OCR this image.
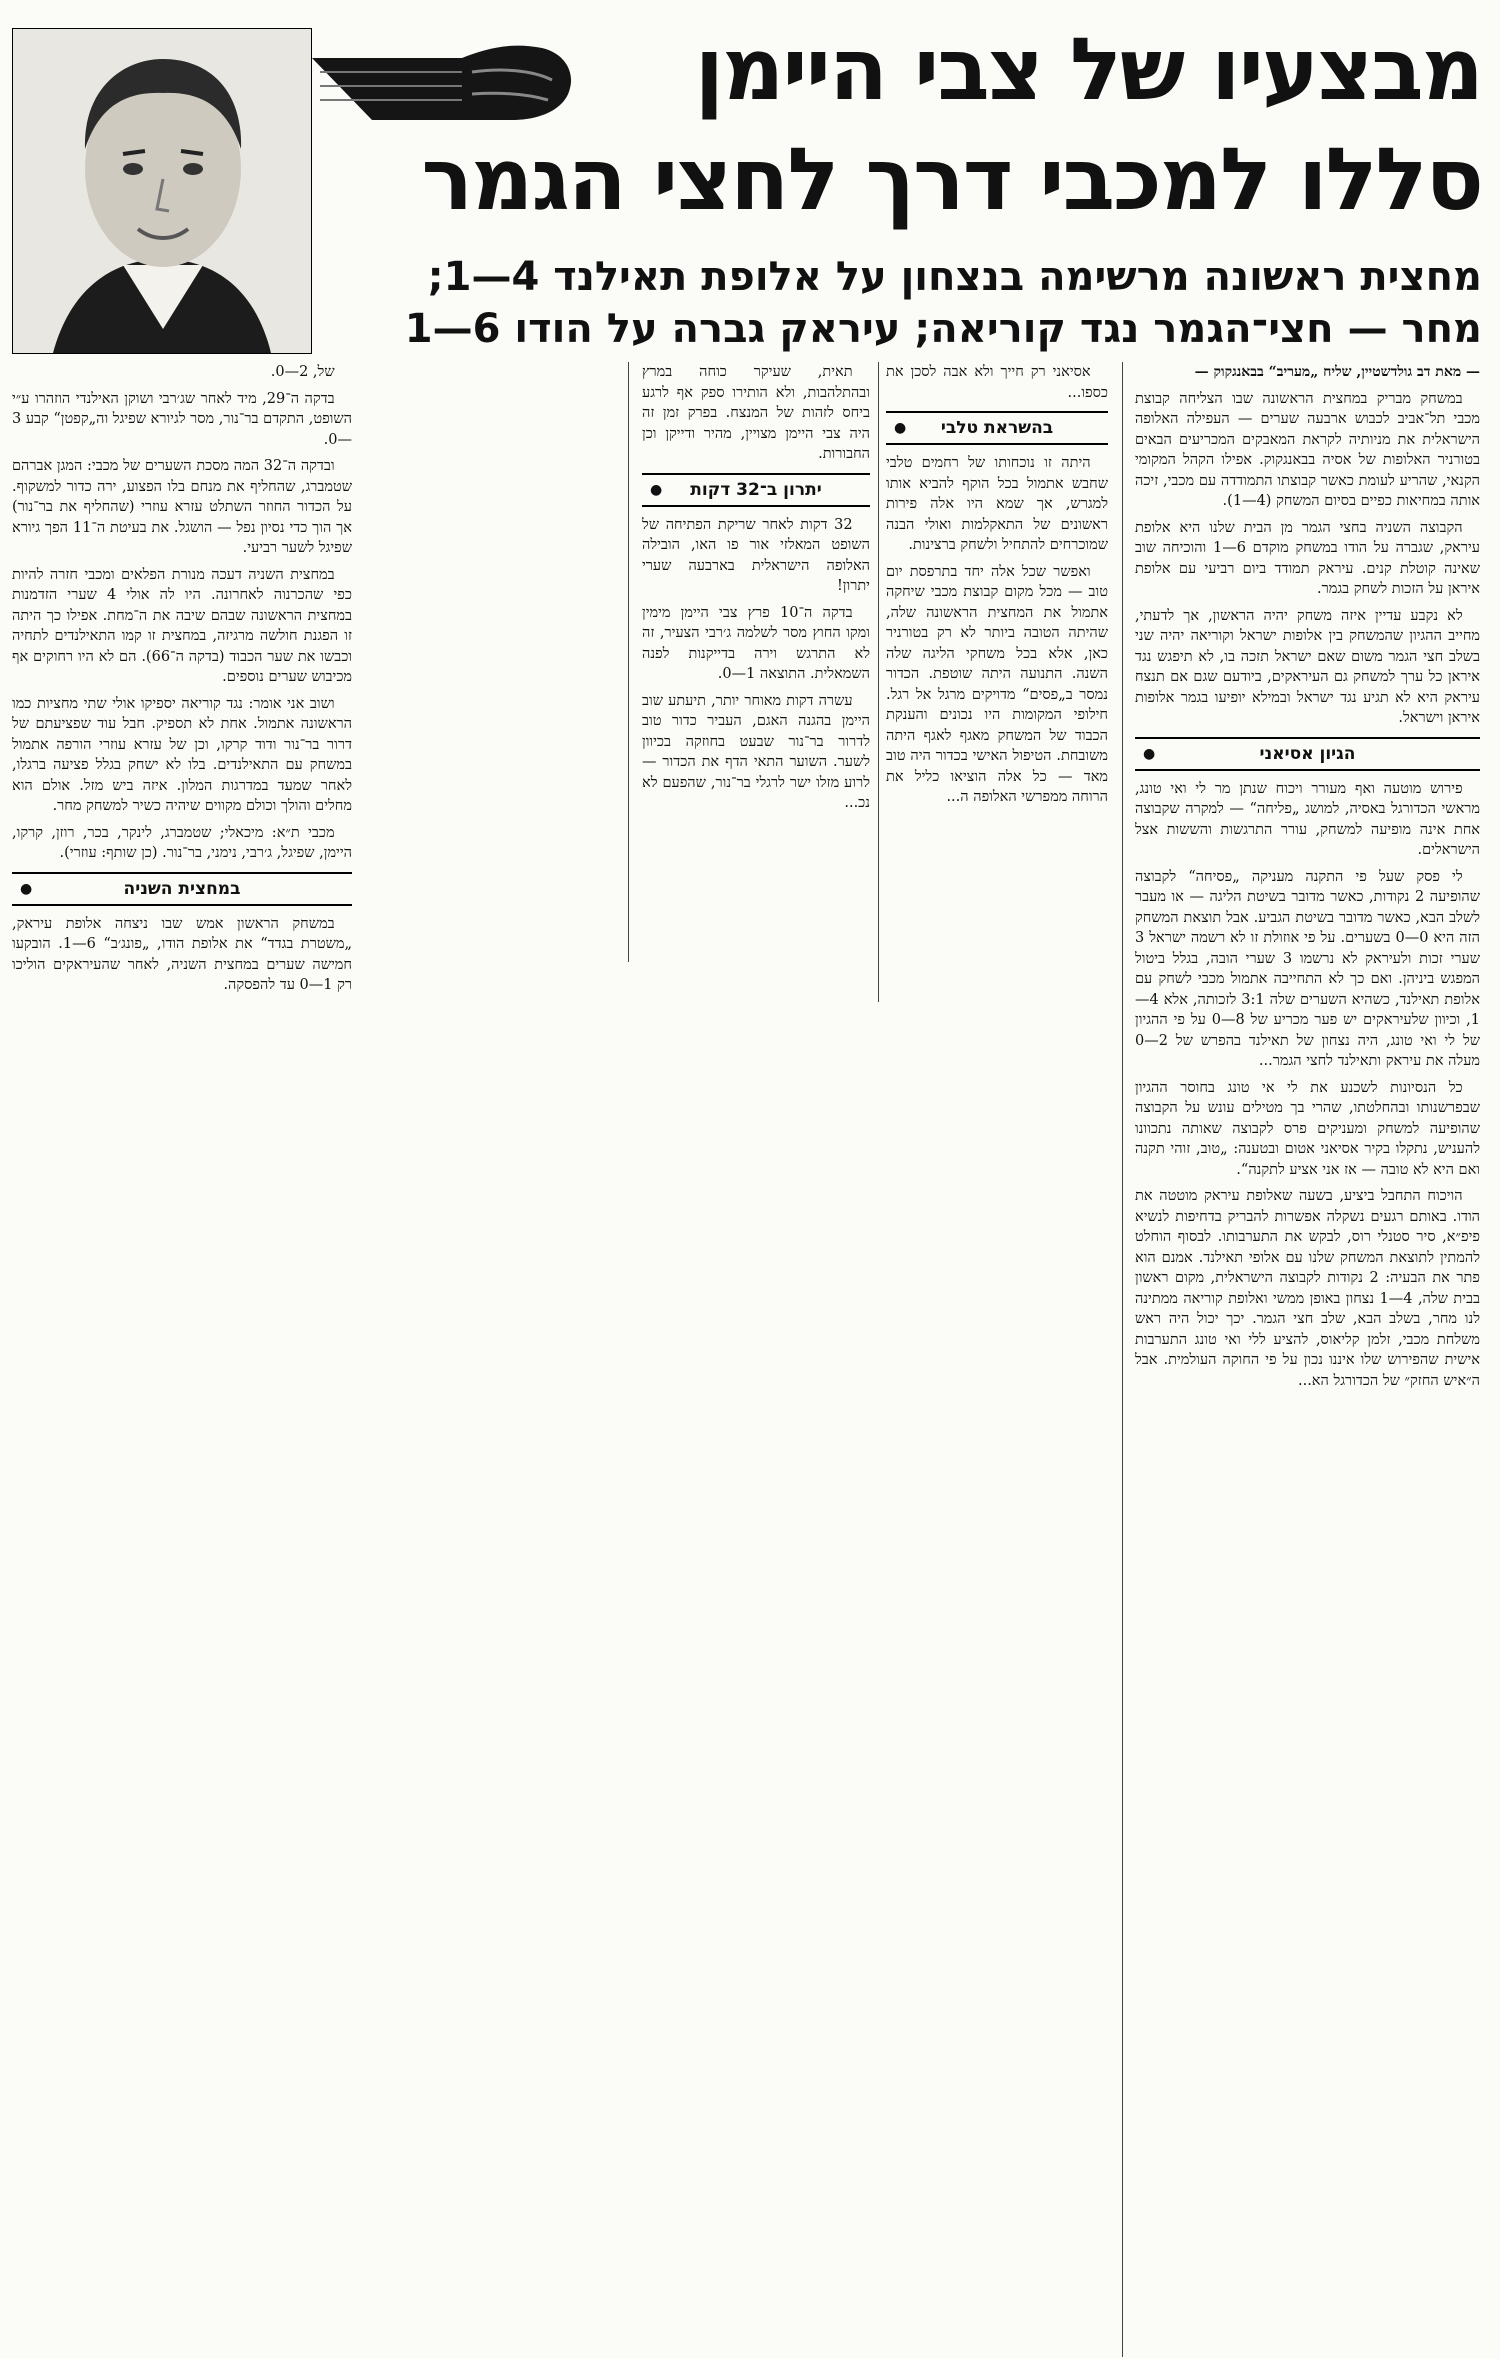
מבצעיו של צבי היימן
סללו למכבי דרך לחצי הגמר
מחצית ראשונה מרשימה בנצחון על אלופת תאילנד 4—1;
מחר — חצי־הגמר נגד קוריאה; עיראק גברה על הודו 6—1

— מאת דב גולדשטיין, שליח „מעריב“ בבאנגקוק —

במשחק מבריק במחצית הראשונה שבו הצליחה קבוצת מכבי תל־אביב לכבוש ארבעה שערים — העפילה האלופה הישראלית את מניותיה לקראת המאבקים המכריעים הבאים בטורניר האלופות של אסיה בבאנגקוק. אפילו הקהל המקומי הקנאי, שהריע לעומת כאשר קבוצתו התמודדה עם מכבי, זיכה אותה במחיאות כפיים בסיום המשחק (4—1).

הקבוצה השניה בחצי הגמר מן הבית שלנו היא אלופת עיראק, שגברה על הודו במשחק מוקדם 6—1 והוכיחה שוב שאינה קוטלת קנים. עיראק תמודד ביום רביעי עם אלופת איראן על הזכות לשחק בגמר.

לא נקבע עדיין איזה משחק יהיה הראשון, אך לדעתי, מחייב ההגיון שהמשחק בין אלופות ישראל וקוריאה יהיה שני בשלב חצי הגמר משום שאם ישראל תזכה בו, לא תיפגש נגד איראן כל ערך למשחק גם העיראקים, ביודעם שגם אם תנצח עיראק היא לא תגיע נגד ישראל ובמילא יופיעו בגמר אלופות איראן וישראל.

הגיון אסיאני
●

פירוש מוטעה ואף מעורר ויכוח שנתן מר לי ואי טונג, מראשי הכדורגל באסיה, למושג „פליחה“ — למקרה שקבוצה אחת אינה מופיעה למשחק, עורר התרגשות והששות אצל הישראלים.

לי פסק שעל פי התקנה מעניקה „פסיחה“ לקבוצה שהופיעה 2 נקודות, כאשר מדובר בשיטת הליגה — או מעבר לשלב הבא, כאשר מדובר בשיטת הגביע. אבל תוצאת המשחק הזה היא 0—0 בשערים. על פי אוזולת זו לא רשמה ישראל 3 שערי זכות ולעיראק לא נרשמו 3 שערי הובה, בגלל ביטול המפגש ביניהן. ואם כך לא התחייבה אתמול מכבי לשחק עם אלופת תאילנד, כשהיא השערים שלה 3:1 לזכותה, אלא 4—1, וכיוון שלעיראקים יש פער מכריע של 8—0 על פי ההגיון של לי ואי טונג, היה נצחון של תאילנד בהפרש של 2—0 מעלה את עיראק ותאילנד לחצי הגמר...

כל הנסיונות לשכנע את לי אי טונג בחוסר ההגיון שבפרשנותו ובהחלטתו, שהרי בך מטילים עונש על הקבוצה שהופיעה למשחק ומעניקים פרס לקבוצה שאותה נתכוונו להעניש, נתקלו בקיר אסיאני אטום ובטענה: „טוב, זוהי תקנה ואם היא לא טובה — אז אני אציע לתקנה“.

הויכוח התחבל ביציע, בשעה שאלופת עיראק מוטטה את הודו. באותם רגעים נשקלה אפשרות להבריק בדחיפות לנשיא פיפ״א, סיר סטנלי רוס, לבקש את התערבותו. לבסוף הוחלט להמתין לתוצאת המשחק שלנו עם אלופי תאילנד. אמנם הוא פתר את הבעיה: 2 נקודות לקבוצה הישראלית, מקום ראשון בבית שלה, 4—1 נצחון באופן ממשי ואלופת קוריאה ממתינה לנו מחר, בשלב הבא, שלב חצי הגמר. יכך יכול היה ראש משלחת מכבי, זלמן קליאוס, להציע ללי ואי טונג התערבות אישית שהפירוש שלו איננו נכון על פי החוקה העולמית. אבל ה״איש החזק״ של הכדורגל הא...

אסיאני רק חייך ולא אבה לסכן את כספו...

בהשראת טלבי
●

היתה זו נוכחותו של רחמים טלבי שחבש אתמול בכל הוקף להביא אותו למגרש, אך שמא היו אלה פירות ראשונים של התאקלמות ואולי הבנה שמוכרחים להתחיל ולשחק ברצינות.

ואפשר שכל אלה יחד בתרפסת יום טוב — מכל מקום קבוצת מכבי שיחקה אתמול את המחצית הראשונה שלה, שהיתה הטובה ביותר לא רק בטורניר כאן, אלא בכל משחקי הליגה שלה השנה. התנועה היתה שוטפת. הכדור נמסר ב„פסים“ מדויקים מרגל אל רגל. חילופי המקומות היו נכונים והענקת הכבוד של המשחק מאגף לאגף היתה משובחת. הטיפול האישי בכדור היה טוב מאד — כל אלה הוציאו כליל את הרוחה ממפרשי האלופה ה...

תאית, שעיקר כוחה במרץ ובהתלהבות, ולא הותירו ספק אף לרגע ביחס לזהות של המנצח. בפרק זמן זה היה צבי היימן מצויין, מהיר ודייקן וכן החבורות.

יתרון ב־32 דקות
●

32 דקות לאחר שריקת הפתיחה של השופט המאלזי אור פו האו, הובילה האלופה הישראלית בארבעה שערי יתרון!

בדקה ה־10 פרץ צבי היימן מימין ומקו החוץ מסר לשלמה ג׳רבי הצעיר, זה לא התרגש וירה בדייקנות לפנה השמאלית. התוצאה 1—0.

עשרה דקות מאוחר יותר, תיעתע שוב היימן בהגנה האגם, העביר כדור טוב לדרור בר־נור שבעט בחוזקה בכיוון לשער. השוער התאי הדף את הכדור — לרוע מזלו ישר לרגלי בר־נור, שהפעם לא נכ...

של, 2—0.

בדקה ה־29, מיד לאחר שג׳רבי ושוקן האילנדי הוזהרו ע״י השופט, התקדם בר־נור, מסר לגיורא שפיגל וה„קפטן“ קבע 3—0.

ובדקה ה־32 המה מסכת השערים של מכבי: המגן אברהם שטמברג, שהחליף את מנחם בלו הפצוע, ירה כדור למשקוף. על הכדור החוזר השתלט עזרא עוזרי (שהחליף את בר־נור) אך הוך כדי נסיון נפל — הושגל. את בעיטת ה־11 הפך גיורא שפיגל לשער רביעי.

במחצית השניה דעכה מנורת הפלאים ומכבי חזרה להיות כפי שהכרנוה לאחרונה. היו לה אולי 4 שערי הזדמנות במחצית הראשונה שבהם שיבה את ה־מחת. אפילו כך היתה זו הפגנת חולשה מרגיזה, במחצית זו קמו התאילנדים לתחיה וכבשו את שער הכבוד (בדקה ה־66). הם לא היו רחוקים אף מכיבוש שערים נוספים.

ושוב אני אומר: נגד קוריאה יספיקו אולי שתי מחציות כמו הראשונה אתמול. אחת לא תספיק. חבל עוד שפציעתם של דרור בר־נור ודוד קרקו, וכן של עזרא עוזרי הורפה אתמול במשחק עם התאילנדים. בלו לא ישחק בגלל פציעה ברגלו, לאחר שמעד במדרגות המלון. איזה ביש מזל. אולם הוא מחלים והולך וכולם מקווים שיהיה כשיר למשחק מחר.

מכבי ת״א: מיכאלי; שטמברג, לינקר, בכר, רוזן, קרקו, היימן, שפיגל, ג׳רבי, נימני, בר־נור. (כן שותף: עוזרי).

במחצית השניה
●

במשחק הראשון אמש שבו ניצחה אלופת עיראק, „משטרת בגדד“ את אלופת הודו, „פונג׳ב“ 6—1. הובקעו חמישה שערים במחצית השניה, לאחר שהעיראקים הוליכו רק 1—0 עד להפסקה.
